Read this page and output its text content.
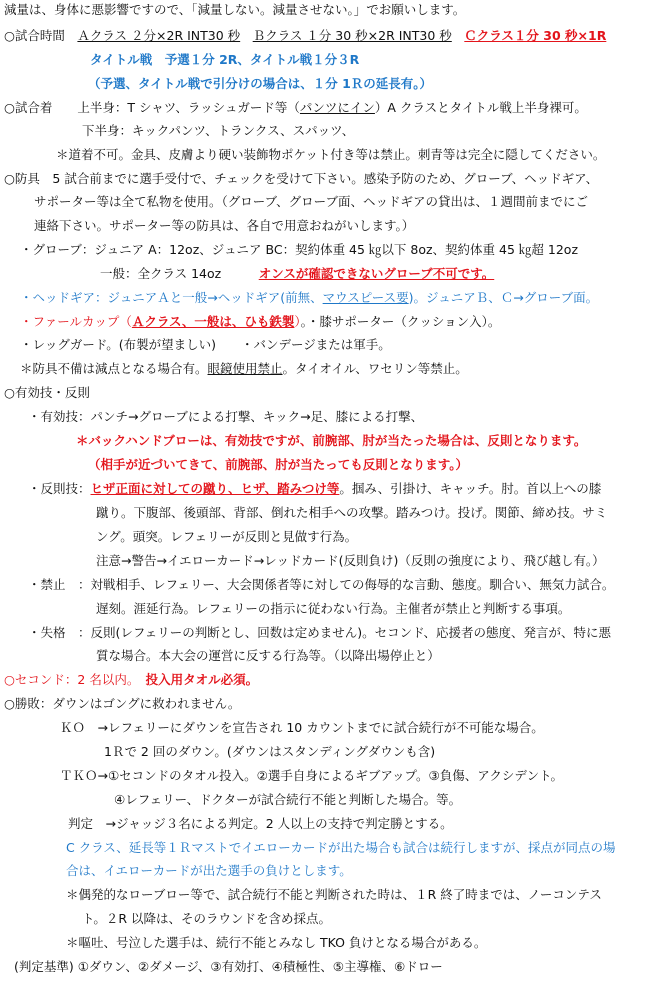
減量は、身体に悪影響ですので、「減量しない。減量させない。」でお願いします。
○試合時間　Ａクラス ２分×2R INT30 秒　 Ｂクラス １分 30 秒×2R INT30 秒　 Ｃクラス１分 30 秒×1R
タイトル戦　予選１分 2R、タイトル戦１分３R
（予選、タイトル戦で引分けの場合は、１分 1Ｒの延長有。）
○試合着　　上半身：T シャツ、ラッシュガード等（パンツにイン）A クラスとタイトル戦上半身裸可。
下半身：キックパンツ、トランクス、スパッツ、
＊道着不可。金具、皮膚より硬い装飾物ポケット付き等は禁止。刺青等は完全に隠してください。
○防具　5 試合前までに選手受付で、チェックを受けて下さい。感染予防のため、グローブ、ヘッドギア、
サポーター等は全て私物を使用。（グローブ、グローブ面、ヘッドギアの貸出は、１週間前までにご
連絡下さい。サポーター等の防具は、各自で用意おねがいします。）
・グローブ：ジュニア A：12oz、ジュニア BC：契約体重 45 ㎏以下 8oz、契約体重 45 ㎏超 12oz
一般：全クラス 14oz　　　オンスが確認できないグローブ不可です。
・ヘッドギア：ジュニアＡと一般→ヘッドギア(前無、マウスピース要)。ジュニアＢ、Ｃ→グローブ面。
・ファールカップ（Ａクラス、一般は、ひも鉄製）。・膝サポーター（クッション入）。
・レッグガード。(布製が望ましい)　　・バンデージまたは軍手。
＊防具不備は減点となる場合有。眼鏡使用禁止。タイオイル、ワセリン等禁止。
○有効技・反則
・有効技：パンチ→グローブによる打撃、キック→足、膝による打撃、
＊バックハンドブローは、有効技ですが、前腕部、肘が当たった場合は、反則となります。
（相手が近づいてきて、前腕部、肘が当たっても反則となります。）
・反則技：ヒザ正面に対しての蹴り、ヒザ、踏みつけ等。掴み、引掛け、キャッチ。肘。首以上への膝
蹴り。下腹部、後頭部、背部、倒れた相手への攻撃。踏みつけ。投げ。関節、締め技。サミ
ング。頭突。レフェリーが反則と見做す行為。
注意→警告→イエローカード→レッドカード(反則負け)（反則の強度により、飛び越し有。）
・禁止　：対戦相手、レフェリー、大会関係者等に対しての侮辱的な言動、態度。馴合い、無気力試合。
遅刻。涯延行為。レフェリーの指示に従わない行為。主催者が禁止と判断する事項。
・失格　：反則(レフェリーの判断とし、回数は定めません)。セコンド、応援者の態度、発言が、特に悪
質な場合。本大会の運営に反する行為等。（以降出場停止と）
○セコンド：2 名以内。　投入用タオル必須。
○勝敗：ダウンはゴングに救われません。
ＫＯ　→レフェリーにダウンを宣告され 10 カウントまでに試合続行が不可能な場合。
1Ｒで 2 回のダウン。(ダウンはスタンディングダウンも含)
ＴＫＯ→①セコンドのタオル投入。②選手自身によるギブアップ。③負傷、アクシデント。
④レフェリー、ドクターが試合続行不能と判断した場合。等。
判定　→ジャッジ３名による判定。2 人以上の支持で判定勝とする。
C クラス、延長等１Ｒマストでイエローカードが出た場合も試合は続行しますが、採点が同点の場
合は、イエローカードが出た選手の負けとします。
＊偶発的なローブロー等で、試合続行不能と判断された時は、１R 終了時までは、ノーコンテス
ト。２R 以降は、そのラウンドを含め採点。
＊嘔吐、号泣した選手は、続行不能とみなし TKO 負けとなる場合がある。
(判定基準) ①ダウン、②ダメージ、③有効打、④積極性、⑤主導権、⑥ドロー
